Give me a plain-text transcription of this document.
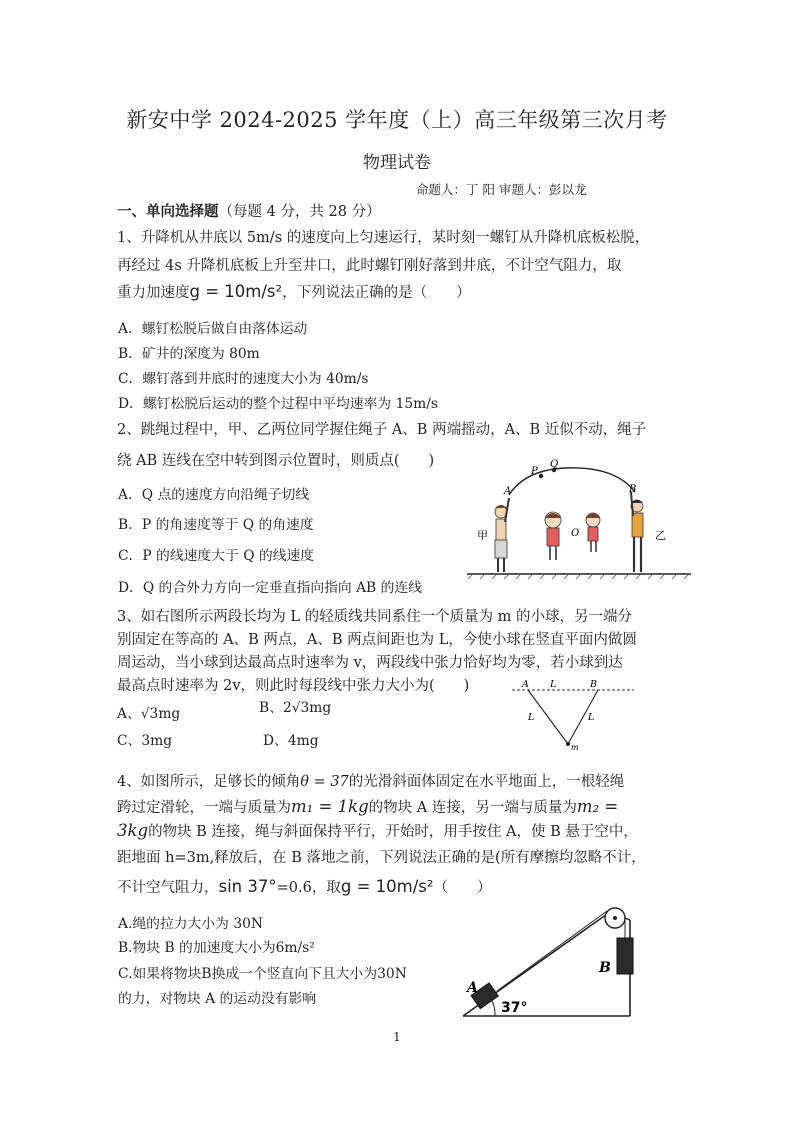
新安中学 2024-2025 学年度（上）高三年级第三次月考
物理试卷
命题人：丁 阳 审题人：彭以龙
一、单向选择题（每题 4 分，共 28 分）
1、升降机从井底以 5m/s 的速度向上匀速运行，某时刻一螺钉从升降机底板松脱，
再经过 4s 升降机底板上升至井口，此时螺钉刚好落到井底，不计空气阻力，取
重力加速度g = 10m/s²，下列说法正确的是（　　）
A．螺钉松脱后做自由落体运动
B．矿井的深度为 80m
C．螺钉落到井底时的速度大小为 40m/s
D．螺钉松脱后运动的整个过程中平均速率为 15m/s
2、跳绳过程中，甲、乙两位同学握住绳子 A、B 两端摇动，A、B 近似不动，绳子
绕 AB 连线在空中转到图示位置时，则质点(　　)
A．Q 点的速度方向沿绳子切线
B．P 的角速度等于 Q 的角速度
C．P 的线速度大于 Q 的线速度
D．Q 的合外力方向一定垂直指向指向 AB 的连线
A
P
Q
O
B
甲	乙
3、如右图所示两段长均为 L 的轻质线共同系住一个质量为 m 的小球，另一端分
别固定在等高的 A、B 两点，A、B 两点间距也为 L，今使小球在竖直平面内做圆
周运动，当小球到达最高点时速率为 v，两段线中张力恰好均为零，若小球到达
最高点时速率为 2v，则此时每段线中张力大小为(　　)
A、√3mg	B、2√3mg
C、3mg	D、4mg
A L	B
L	L
m
4、如图所示，足够长的倾角θ = 37的光滑斜面体固定在水平地面上，一根轻绳
跨过定滑轮，一端与质量为m₁ = 1kg的物块 A 连接，另一端与质量为m₂ =
3kg的物块 B 连接，绳与斜面保持平行，开始时，用手按住 A，使 B 悬于空中，
距地面 h=3m,释放后，在 B 落地之前，下列说法正确的是(所有摩擦均忽略不计，
不计空气阻力，sin 37°=0.6，取g = 10m/s²（　　）
A.绳的拉力大小为 30N
B.物块 B 的加速度大小为6m/s²
C.如果将物块B换成一个竖直向下且大小为30N
的力，对物块 A 的运动没有影响
A
B
37°
1
